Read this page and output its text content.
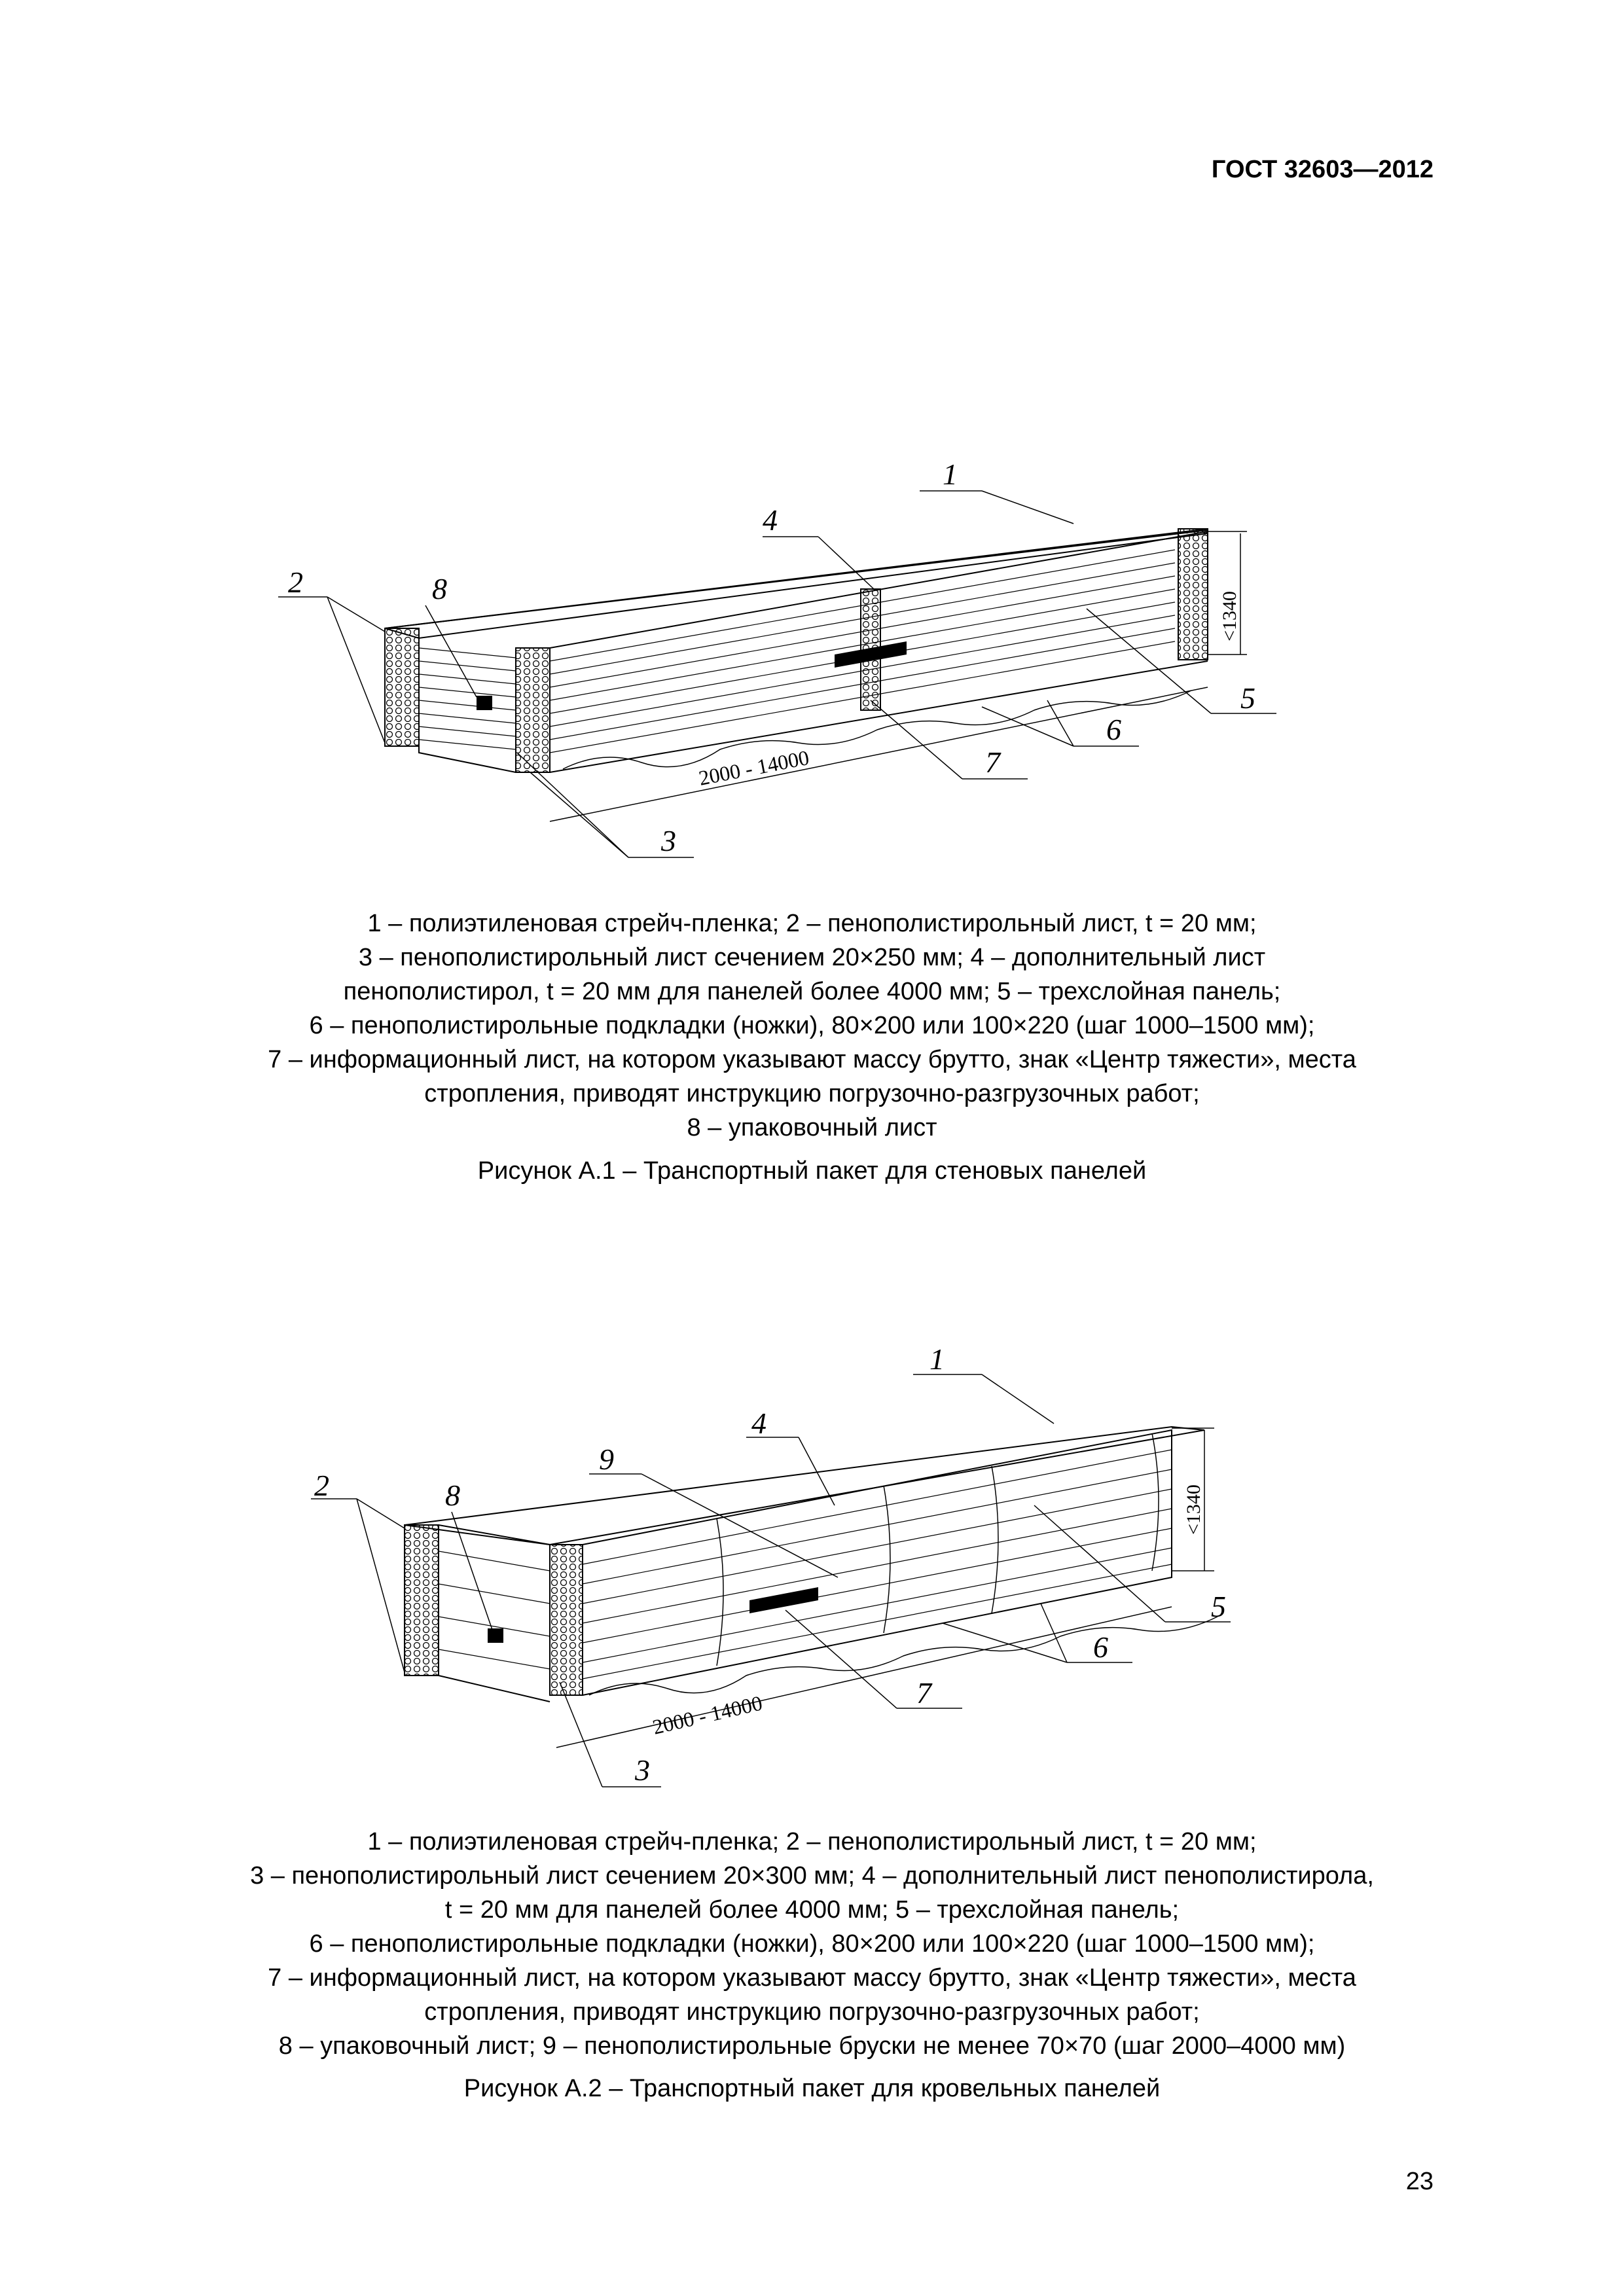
ГОСТ 32603—2012
2	8
4
1
5
6
7
3
2000 - 14000
<1340
1 – полиэтиленовая стрейч-пленка; 2 – пенополистирольный лист, t = 20 мм;
3 – пенополистирольный лист сечением 20×250 мм; 4 – дополнительный лист
пенополистирол, t = 20 мм для панелей более 4000 мм; 5 – трехслойная панель;
6 – пенополистирольные подкладки (ножки), 80×200 или 100×220 (шаг 1000–1500 мм);
7 – информационный лист, на котором указывают массу брутто, знак «Центр тяжести», места
стропления, приводят инструкцию погрузочно-разгрузочных работ;
8 – упаковочный лист
Рисунок А.1 – Транспортный пакет для стеновых панелей
2	8
9
4
1
5
6
7
3
2000 - 14000
<1340
1 – полиэтиленовая стрейч-пленка; 2 – пенополистирольный лист, t = 20 мм;
3 – пенополистирольный лист сечением 20×300 мм; 4 – дополнительный лист пенополистирола,
t = 20 мм для панелей более 4000 мм; 5 – трехслойная панель;
6 – пенополистирольные подкладки (ножки), 80×200 или 100×220 (шаг 1000–1500 мм);
7 – информационный лист, на котором указывают массу брутто, знак «Центр тяжести», места
стропления, приводят инструкцию погрузочно-разгрузочных работ;
8 – упаковочный лист; 9 – пенополистирольные бруски не менее 70×70 (шаг 2000–4000 мм)
Рисунок А.2 – Транспортный пакет для кровельных панелей
23
